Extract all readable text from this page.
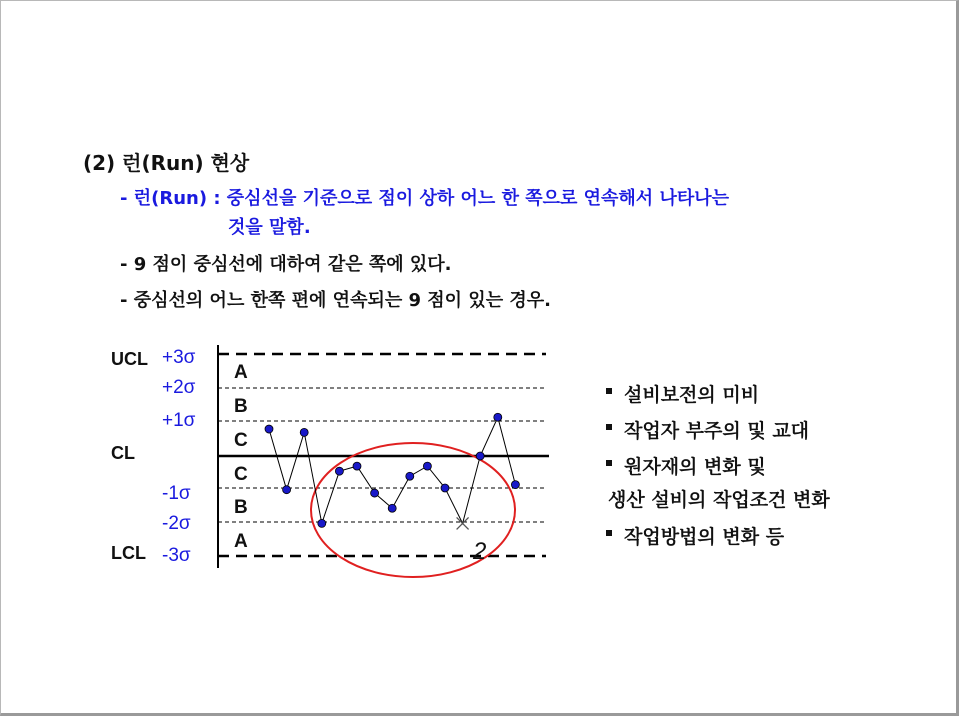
(2) 런(Run) 현상
- 런(Run) : 중심선을 기준으로 점이 상하 어느 한 쪽으로 연속해서 나타나는
것을 말함.
- 9 점이 중심선에 대하여 같은 쪽에 있다.
- 중심선의 어느 한쪽 편에 연속되는 9 점이 있는 경우.
UCL
CL
LCL
+3σ
+2σ
+1σ
-1σ
-2σ
-3σ
A
B
C
C
B
A	2
설비보전의 미비
작업자 부주의 및 교대
원자재의 변화 및
생산 설비의 작업조건 변화
작업방법의 변화 등
